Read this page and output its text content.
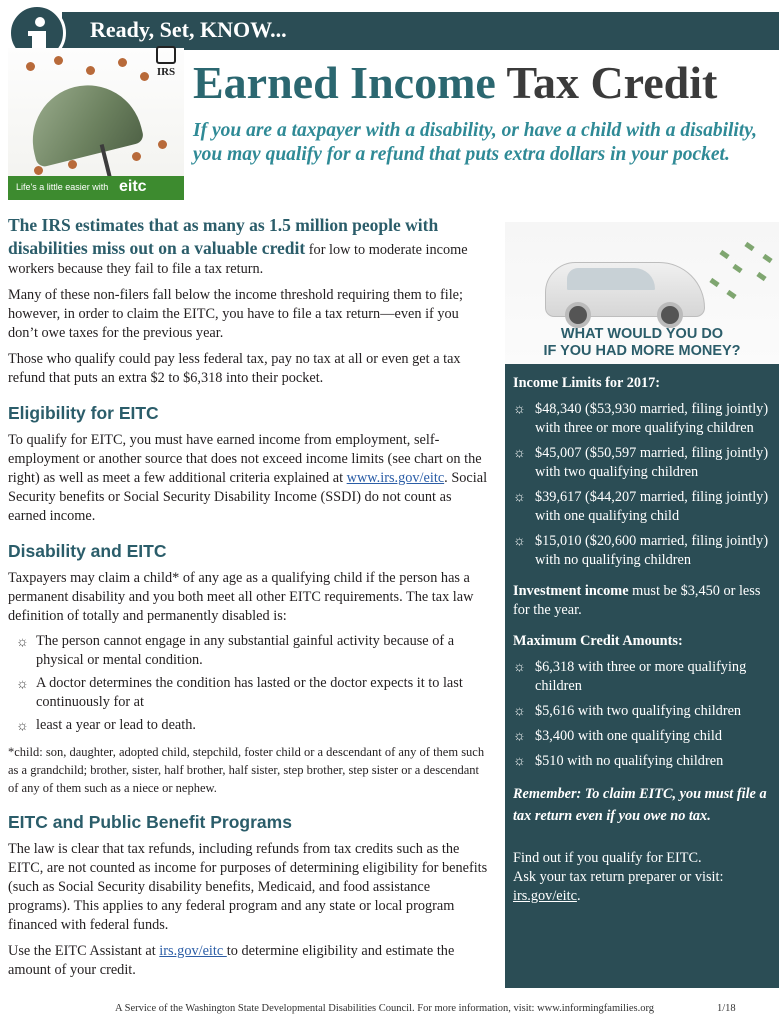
Ready, Set, KNOW...
Life's a little easier with eitc
IRS Earned Income Tax Credit
If you are a taxpayer with a disability, or have a child with a disability, you may qualify for a refund that puts extra dollars in your pocket.
The IRS estimates that as many as 1.5 million people with disabilities miss out on a valuable credit for low to moderate income workers because they fail to file a tax return.
Many of these non-filers fall below the income threshold requiring them to file; however, in order to claim the EITC, you have to file a tax return—even if you don’t owe taxes for the previous year.
Those who qualify could pay less federal tax, pay no tax at all or even get a tax refund that puts an extra $2 to $6,318 into their pocket.
Eligibility for EITC
To qualify for EITC, you must have earned income from employment, self-employment or another source that does not exceed income limits (see chart on the right) as well as meet a few additional criteria explained at www.irs.gov/eitc. Social Security benefits or Social Security Disability Income (SSDI) do not count as earned income.
Disability and EITC
Taxpayers may claim a child* of any age as a qualifying child if the person has a permanent disability and you both meet all other EITC requirements. The tax law definition of totally and permanently disabled is:
☼ The person cannot engage in any substantial gainful activity because of a physical or mental condition.
☼ A doctor determines the condition has lasted or the doctor expects it to last continuously for at
☼ least a year or lead to death.
*child: son, daughter, adopted child, stepchild, foster child or a descendant of any of them such as a grandchild; brother, sister, half brother, half sister, step brother, step sister or a descendant of any of them such as a niece or nephew.
EITC and Public Benefit Programs
The law is clear that tax refunds, including refunds from tax credits such as the EITC, are not counted as income for purposes of determining eligibility for benefits (such as Social Security disability benefits, Medicaid, and food assistance programs). This applies to any federal program and any state or local program financed with federal funds.
Use the EITC Assistant at irs.gov/eitc to determine eligibility and estimate the amount of your credit.
WHAT WOULD YOU DO
IF YOU HAD MORE MONEY?
Income Limits for 2017:
☼ $48,340 ($53,930 married, filing jointly) with three or more qualifying children
☼ $45,007 ($50,597 married, filing jointly) with two qualifying children
☼ $39,617 ($44,207 married, filing jointly) with one qualifying child
☼ $15,010 ($20,600 married, filing jointly) with no qualifying children
Investment income must be $3,450 or less for the year.
Maximum Credit Amounts:
☼ $6,318 with three or more qualifying children
☼ $5,616 with two qualifying children
☼ $3,400 with one qualifying child
☼ $510 with no qualifying children
Remember: To claim EITC, you must file a tax return even if you owe no tax.
Find out if you qualify for EITC.
Ask your tax return preparer or visit:
irs.gov/eitc.
A Service of the Washington State Developmental Disabilities Council. For more information, visit: www.informingfamilies.org	1/18
